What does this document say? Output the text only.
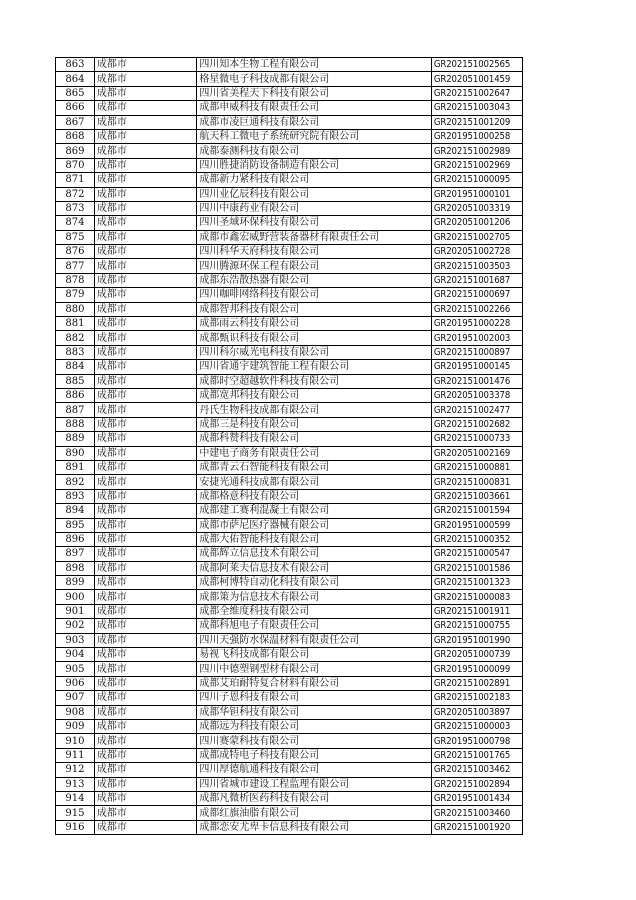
863	成都市	四川知本生物工程有限公司	GR202151002565
864	成都市	格星微电子科技成都有限公司	GR202051001459
865	成都市	四川省美程天下科技有限公司	GR202151002647
866	成都市	成都申威科技有限责任公司	GR202151003043
867	成都市	成都市凌巨通科技有限公司	GR202151001209
868	成都市	航天科工微电子系统研究院有限公司	GR201951000258
869	成都市	成都泰测科技有限公司	GR202151002989
870	成都市	四川胜捷消防设备制造有限公司	GR202151002969
871	成都市	成都新力紧科技有限公司	GR202151000095
872	成都市	四川业亿辰科技有限公司	GR201951000101
873	成都市	四川中康药业有限公司	GR202051003319
874	成都市	四川圣域环保科技有限公司	GR202051001206
875	成都市	成都市鑫宏威野营装备器材有限责任公司	GR202151002705
876	成都市	四川科华天府科技有限公司	GR202051002728
877	成都市	四川腾源环保工程有限公司	GR202151003503
878	成都市	成都东浩散热器有限公司	GR202151001687
879	成都市	四川咖啡网络科技有限公司	GR202151000697
880	成都市	成都智邦科技有限公司	GR202151002266
881	成都市	成都雨云科技有限公司	GR201951000228
882	成都市	成都甄识科技有限公司	GR201951002003
883	成都市	四川科尔威光电科技有限公司	GR202151000897
884	成都市	四川省通宇建筑智能工程有限公司	GR201951000145
885	成都市	成都时空超越软件科技有限公司	GR202151001476
886	成都市	成都宽邦科技有限公司	GR202051003378
887	成都市	丹氏生物科技成都有限公司	GR202151002477
888	成都市	成都三是科技有限公司	GR202151002682
889	成都市	成都科赞科技有限公司	GR202151000733
890	成都市	中建电子商务有限责任公司	GR202051002169
891	成都市	成都青云石智能科技有限公司	GR202151000881
892	成都市	安捷光通科技成都有限公司	GR202151000831
893	成都市	成都格意科技有限公司	GR202151003661
894	成都市	成都建工赛利混凝土有限公司	GR202151001594
895	成都市	成都市萨尼医疗器械有限公司	GR201951000599
896	成都市	成都大佑智能科技有限公司	GR202151000352
897	成都市	成都辉立信息技术有限公司	GR202151000547
898	成都市	成都阿莱夫信息技术有限公司	GR202151001586
899	成都市	成都柯博特自动化科技有限公司	GR202151001323
900	成都市	成都策为信息技术有限公司	GR202151000083
901	成都市	成都全维度科技有限公司	GR202151001911
902	成都市	成都科旭电子有限责任公司	GR202151000755
903	成都市	四川天强防水保温材料有限责任公司	GR201951001990
904	成都市	易视飞科技成都有限公司	GR202051000739
905	成都市	四川中德塑钢型材有限公司	GR201951000099
906	成都市	成都艾珀耐特复合材料有限公司	GR202151002891
907	成都市	四川子恩科技有限公司	GR202151002183
908	成都市	成都华钽科技有限公司	GR202051003897
909	成都市	成都远为科技有限公司	GR202151000003
910	成都市	四川赛蒙科技有限公司	GR201951000798
911	成都市	成都成特电子科技有限公司	GR202151001765
912	成都市	四川厚德航通科技有限公司	GR202151003462
913	成都市	四川省城市建设工程监理有限公司	GR202151002894
914	成都市	成都凡微析医药科技有限公司	GR201951001434
915	成都市	成都红旗油脂有限公司	GR202151003460
916	成都市	成都恋安尤卑卡信息科技有限公司	GR202151001920
